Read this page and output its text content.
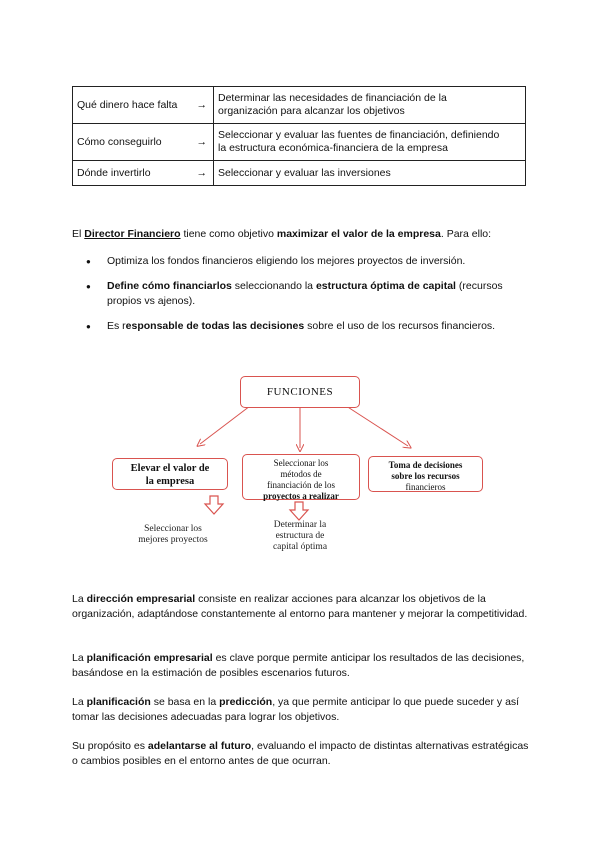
Qué dinero hace falta →	Determinar las necesidades de financiación de la
organización para alcanzar los objetivos
Cómo conseguirlo →	Seleccionar y evaluar las fuentes de financiación, definiendo
la estructura económica-financiera de la empresa
Dónde invertirlo →	Seleccionar y evaluar las inversiones
El Director Financiero tiene como objetivo maximizar el valor de la empresa. Para ello:
● Optimiza los fondos financieros eligiendo los mejores proyectos de inversión.
● Define cómo financiarlos seleccionando la estructura óptima de capital (recursos propios vs ajenos).
● Es responsable de todas las decisiones sobre el uso de los recursos financieros.
FUNCIONES
Elevar el valor de
la empresa
Seleccionar los
métodos de
financiación de los
proyectos a realizar
Toma de decisiones
sobre los recursos
financieros
Seleccionar los
mejores proyectos
Determinar la
estructura de
capital óptima
La dirección empresarial consiste en realizar acciones para alcanzar los objetivos de la organización, adaptándose constantemente al entorno para mantener y mejorar la competitividad.
La planificación empresarial es clave porque permite anticipar los resultados de las decisiones, basándose en la estimación de posibles escenarios futuros.
La planificación se basa en la predicción, ya que permite anticipar lo que puede suceder y así tomar las decisiones adecuadas para lograr los objetivos.
Su propósito es adelantarse al futuro, evaluando el impacto de distintas alternativas estratégicas o cambios posibles en el entorno antes de que ocurran.
